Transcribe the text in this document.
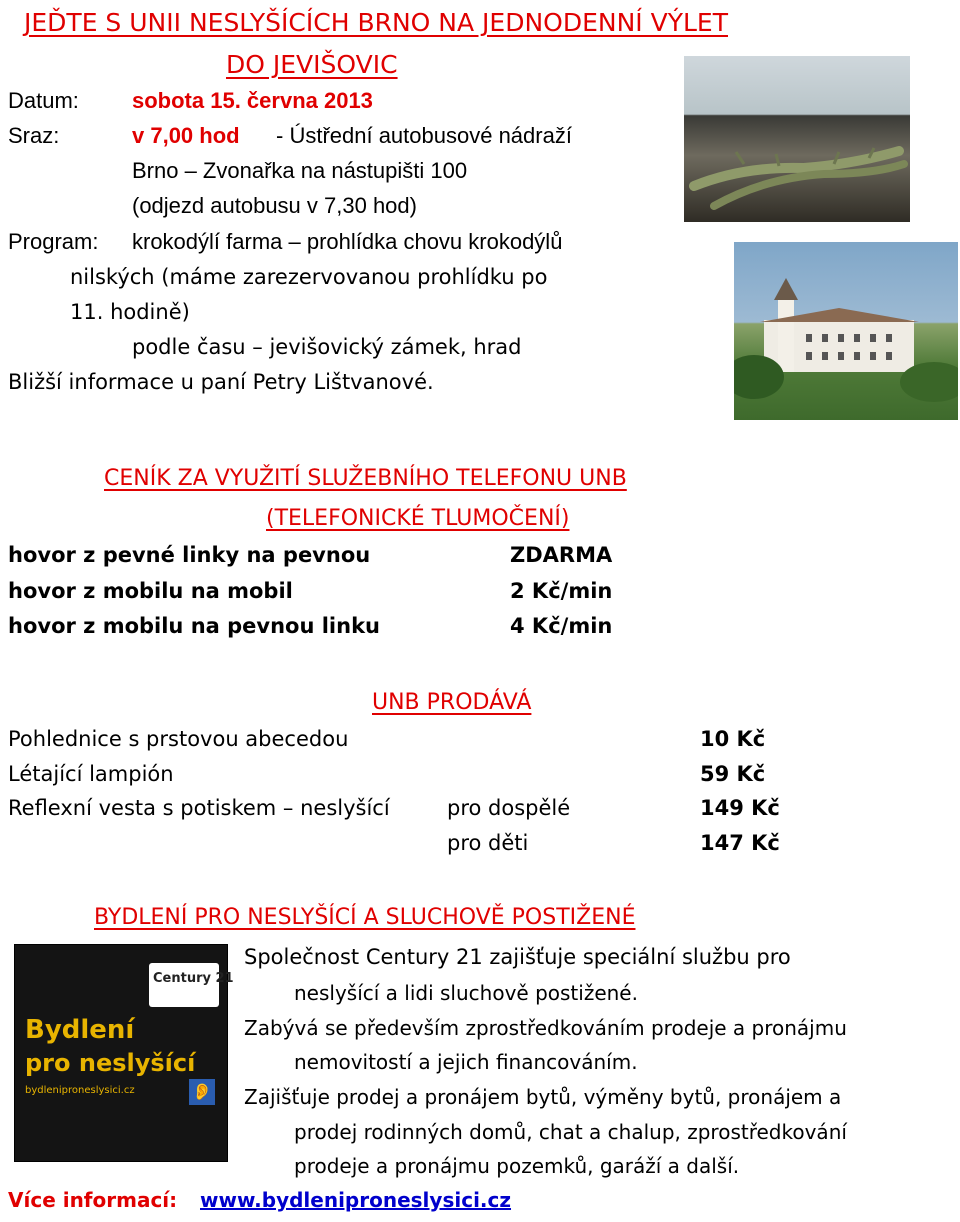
JEĎTE S UNII NESLYŠÍCÍCH BRNO NA JEDNODENNÍ VÝLET
DO JEVIŠOVIC
Datum: sobota 15. června 2013
Sraz:	v 7,00 hod - Ústřední autobusové nádraží
Brno – Zvonařka na nástupišti 100
(odjezd autobusu v 7,30 hod)
Program: krokodýlí farma – prohlídka chovu krokodýlů
nilských (máme zarezervovanou prohlídku po
11. hodině)
podle času – jevišovický zámek, hrad
Bližší informace u paní Petry Lištvanové.
CENÍK ZA VYUŽITÍ SLUŽEBNÍHO TELEFONU UNB
(TELEFONICKÉ TLUMOČENÍ)
hovor z pevné linky na pevnou	ZDARMA
hovor z mobilu na mobil	2 Kč/min
hovor z mobilu na pevnou linku	4 Kč/min
UNB PRODÁVÁ
Pohlednice s prstovou abecedou	10 Kč
Létající lampión	59 Kč
Reflexní vesta s potiskem – neslyšící	pro dospělé	149 Kč
pro děti	147 Kč
BYDLENÍ PRO NESLYŠÍCÍ A SLUCHOVĚ POSTIŽENÉ
Century 21
Bydlení
pro neslyšící
bydleniproneslysici.cz	👂
Společnost Century 21 zajišťuje speciální službu pro
neslyšící a lidi sluchově postižené.
Zabývá se především zprostředkováním prodeje a pronájmu
nemovitostí a jejich financováním.
Zajišťuje prodej a pronájem bytů, výměny bytů, pronájem a
prodej rodinných domů, chat a chalup, zprostředkování
prodeje a pronájmu pozemků, garáží a další.
Více informací: www.bydleniproneslysici.cz
